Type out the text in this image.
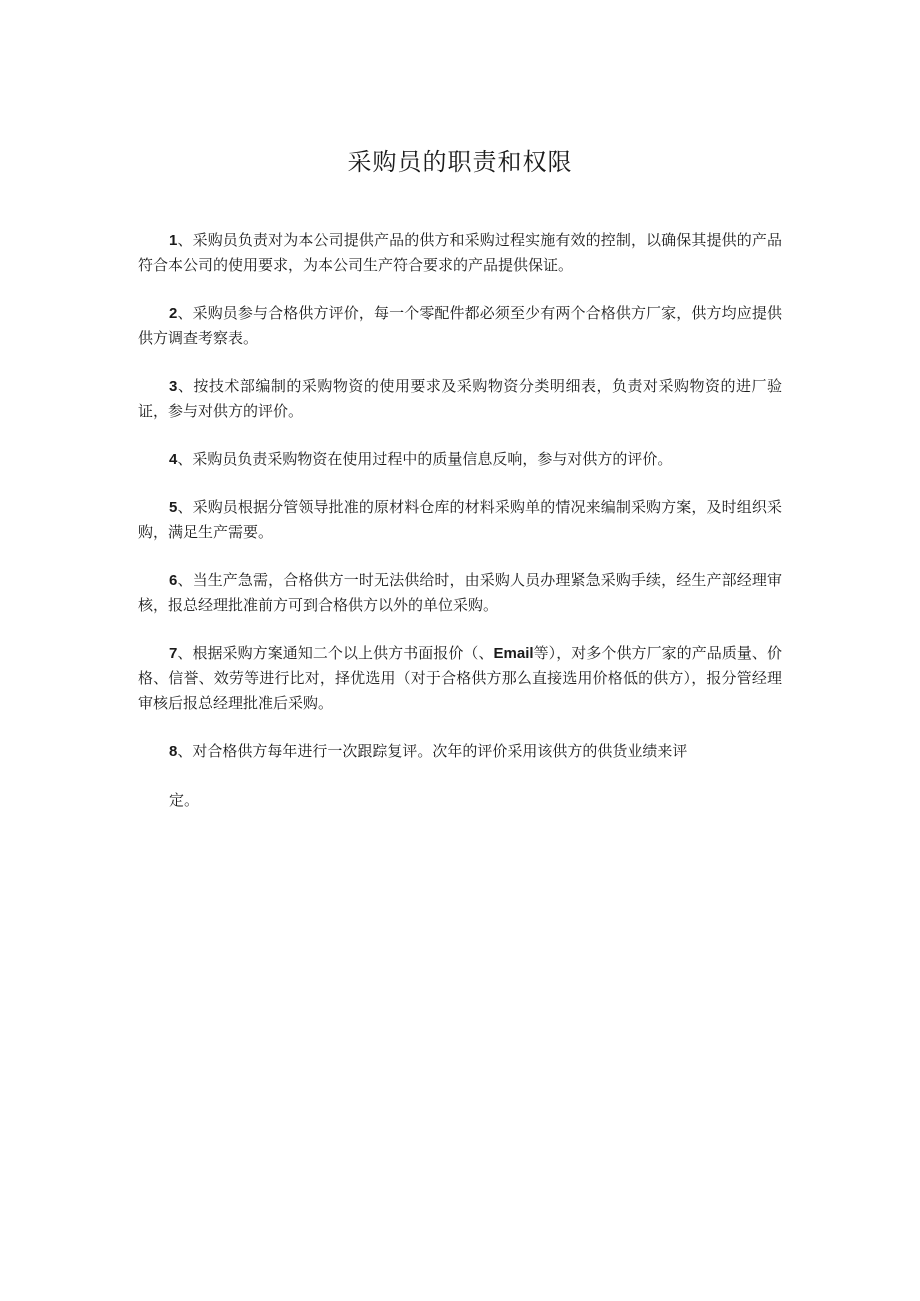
采购员的职责和权限

1、采购员负责对为本公司提供产品的供方和采购过程实施有效的控制，以确保其提供的产品符合本公司的使用要求，为本公司生产符合要求的产品提供保证。

2、采购员参与合格供方评价，每一个零配件都必须至少有两个合格供方厂家，供方均应提供供方调查考察表。

3、按技术部编制的采购物资的使用要求及采购物资分类明细表，负责对采购物资的进厂验证，参与对供方的评价。

4、采购员负责采购物资在使用过程中的质量信息反响，参与对供方的评价。

5、采购员根据分管领导批准的原材料仓库的材料采购单的情况来编制采购方案，及时组织采购，满足生产需要。

6、当生产急需，合格供方一时无法供给时，由采购人员办理紧急采购手续，经生产部经理审核，报总经理批准前方可到合格供方以外的单位采购。

7、根据采购方案通知二个以上供方书面报价（、Email等），对多个供方厂家的产品质量、价格、信誉、效劳等进行比对，择优选用（对于合格供方那么直接选用价格低的供方），报分管经理审核后报总经理批准后采购。

8、对合格供方每年进行一次跟踪复评。次年的评价采用该供方的供货业绩来评

定。
